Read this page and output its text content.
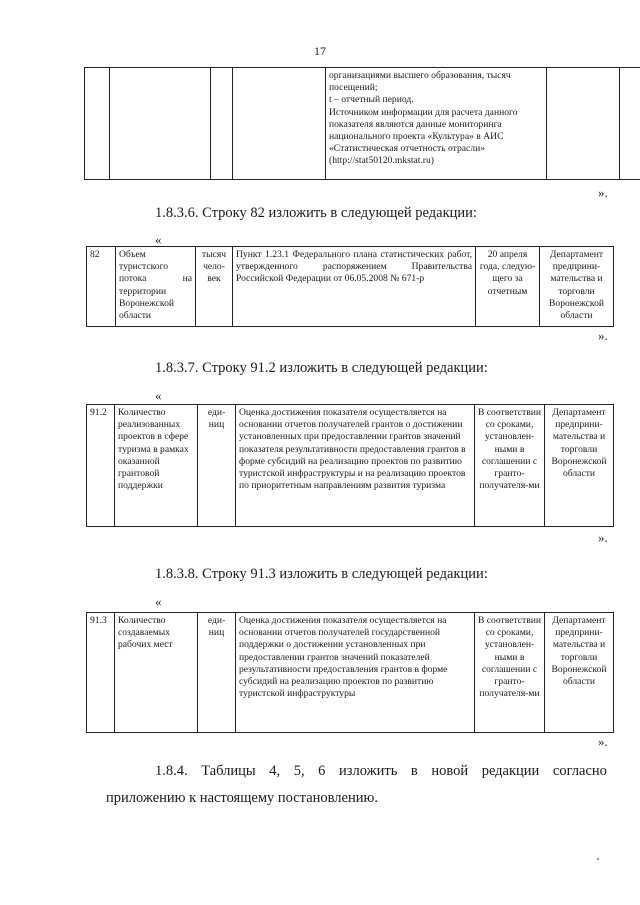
17
				организациями высшего образования, тысяч посещений;
t – отчетный период.
Источником информации для расчета данного показателя являются данные мониторинга национального проекта «Культура» в АИС «Статистическая отчетность отрасли» (http://stat50120.mkstat.ru)		
».
1.8.3.6. Строку 82 изложить в следующей редакции:
«
82	Объем туристского потока на территории Воронежской области	тысяч чело-век	Пункт 1.23.1 Федерального плана статистических работ, утвержденного распоряжением Правительства Российской Федерации от 06.05.2008 № 671-р	20 апреля года, следую-щего за отчетным	Департамент предприни-мательства и торговли Воронежской области
».
1.8.3.7. Строку 91.2 изложить в следующей редакции:
«
91.2	Количество реализованных проектов в сфере туризма в рамках оказанной грантовой поддержки	еди-ниц	Оценка достижения показателя осуществляется на основании отчетов получателей грантов о достижении установленных при предоставлении грантов значений показателя результативности предоставления грантов в форме субсидий на реализацию проектов по развитию туристской инфраструктуры и на реализацию проектов по приоритетным направлениям развития туризма	В соответствии со сроками, установлен-ными в соглашении с гранто-получателя-ми	Департамент предприни-мательства и торговли Воронежской области
».
1.8.3.8. Строку 91.3 изложить в следующей редакции:
«
91.3	Количество создаваемых рабочих мест	еди-ниц	Оценка достижения показателя осуществляется на основании отчетов получателей государственной поддержки о достижении установленных при предоставлении грантов значений показателей результативности предоставления грантов в форме субсидий на реализацию проектов по развитию туристской инфраструктуры	В соответствии со сроками, установлен-ными в соглашении с гранто-получателя-ми	Департамент предприни-мательства и торговли Воронежской области
».
1.8.4. Таблицы 4, 5, 6 изложить в новой редакции согласно
приложению к настоящему постановлению.
